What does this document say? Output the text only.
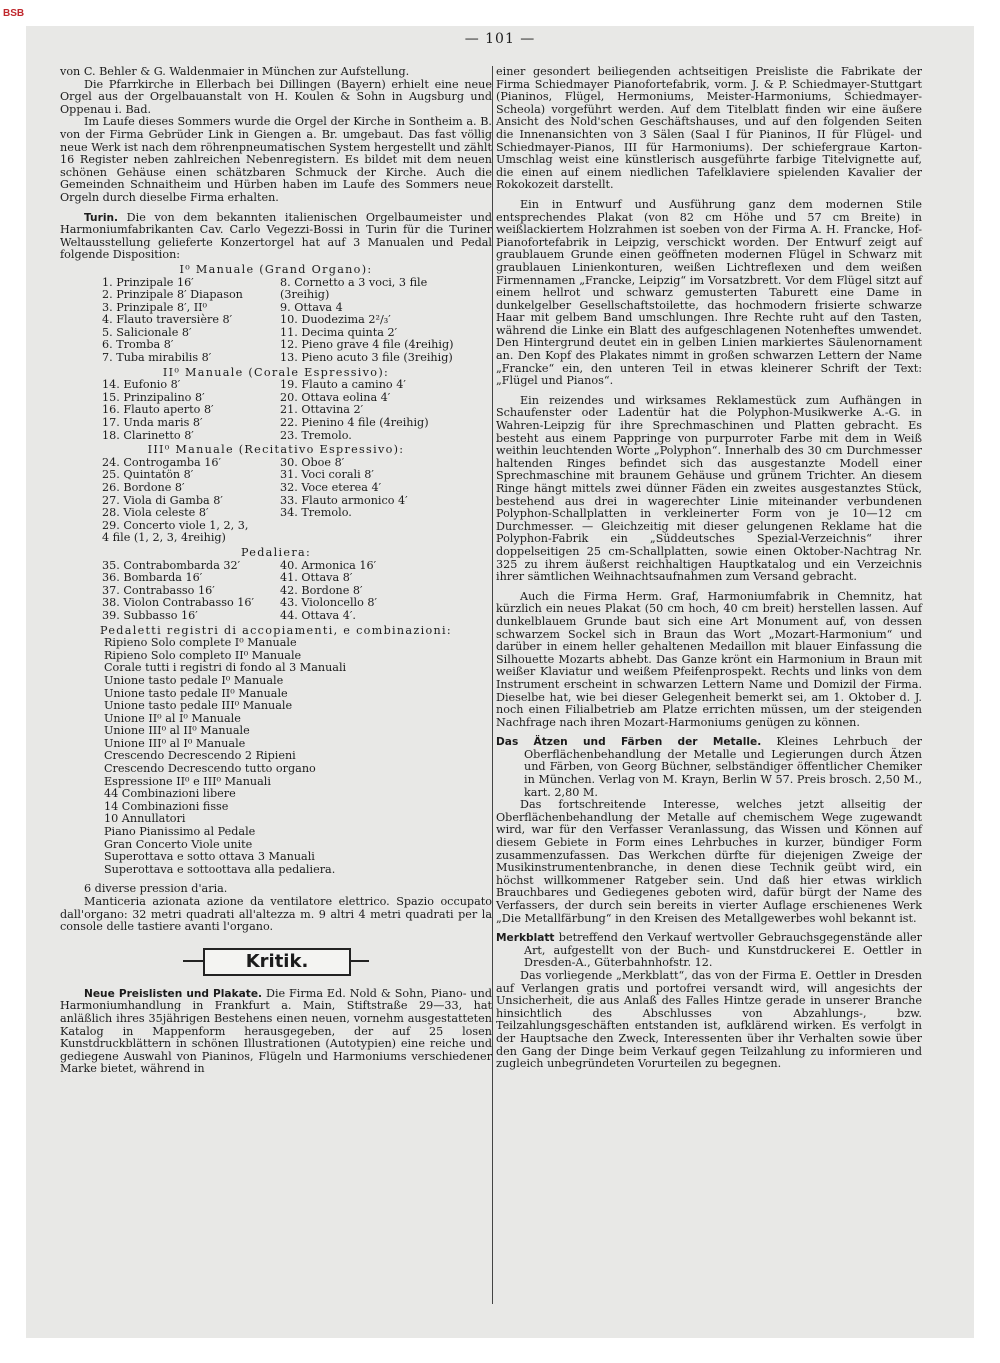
BSB
— 101 —

von C. Behler & G. Waldenmaier in München zur Aufstellung.

Die Pfarrkirche in Ellerbach bei Dillingen (Bayern) erhielt eine neue Orgel aus der Orgelbauanstalt von H. Koulen & Sohn in Augsburg und Oppenau i. Bad.

Im Laufe dieses Sommers wurde die Orgel der Kirche in Sontheim a. B. von der Firma Gebrüder Link in Giengen a. Br. umgebaut. Das fast völlig neue Werk ist nach dem röhrenpneumatischen System hergestellt und zählt 16 Register neben zahlreichen Nebenregistern. Es bildet mit dem neuen schönen Gehäuse einen schätzbaren Schmuck der Kirche. Auch die Gemeinden Schnaitheim und Hürben haben im Laufe des Sommers neue Orgeln durch dieselbe Firma erhalten.

Turin. Die von dem bekannten italienischen Orgelbaumeister und Harmoniumfabrikanten Cav. Carlo Vegezzi-Bossi in Turin für die Turiner Weltausstellung gelieferte Konzertorgel hat auf 3 Manualen und Pedal folgende Disposition:

I⁰ Manuale (Grand Organo):
1. Prinzipale 16′	8. Cornetto a 3 voci, 3 file
2. Prinzipale 8′ Diapason	(3reihig)
3. Prinzipale 8′, II⁰	9. Ottava 4
4. Flauto traversière 8′	10. Duodezima 2²/₃′
5. Salicionale 8′	11. Decima quinta 2′
6. Tromba 8′	12. Pieno grave 4 file (4reihig)
7. Tuba mirabilis 8′	13. Pieno acuto 3 file (3reihig)
II⁰ Manuale (Corale Espressivo):
14. Eufonio 8′	19. Flauto a camino 4′
15. Prinzipalino 8′	20. Ottava eolina 4′
16. Flauto aperto 8′	21. Ottavina 2′
17. Unda maris 8′	22. Pienino 4 file (4reihig)
18. Clarinetto 8′	23. Tremolo.
III⁰ Manuale (Recitativo Espressivo):
24. Controgamba 16′	30. Oboe 8′
25. Quintatön 8′	31. Voci corali 8′
26. Bordone 8′	32. Voce eterea 4′
27. Viola di Gamba 8′	33. Flauto armonico 4′
28. Viola celeste 8′	34. Tremolo.
29. Concerto viole 1, 2, 3,

4 file (1, 2, 3, 4reihig)

Pedaliera:
35. Contrabombarda 32′	40. Armonica 16′
36. Bombarda 16′	41. Ottava 8′
37. Contrabasso 16′	42. Bordone 8′
38. Violon Contrabasso 16′	43. Violoncello 8′
39. Subbasso 16′	44. Ottava 4′.
Pedaletti registri di accopiamenti, e combinazioni:
Ripieno Solo complete I⁰ Manuale
Ripieno Solo completo II⁰ Manuale
Corale tutti i registri di fondo al 3 Manuali
Unione tasto pedale I⁰ Manuale
Unione tasto pedale II⁰ Manuale
Unione tasto pedale III⁰ Manuale
Unione II⁰ al I⁰ Manuale
Unione III⁰ al II⁰ Manuale
Unione III⁰ al I⁰ Manuale
Crescendo Decrescendo 2 Ripieni
Crescendo Decrescendo tutto organo
Espressione II⁰ e III⁰ Manuali
44 Combinazioni libere
14 Combinazioni fisse
10 Annullatori
Piano Pianissimo al Pedale
Gran Concerto Viole unite
Superottava e sotto ottava 3 Manuali
Superottava e sottoottava alla pedaliera.

6 diverse pression d'aria.

Manticeria azionata azione da ventilatore elettrico. Spazio occupato dall'organo: 32 metri quadrati all'altezza m. 9 altri 4 metri quadrati per la console delle tastiere avanti l'organo.

Kritik.

Neue Preislisten und Plakate. Die Firma Ed. Nold & Sohn, Piano- und Harmoniumhandlung in Frankfurt a. Main, Stiftstraße 29—33, hat anläßlich ihres 35jährigen Bestehens einen neuen, vornehm ausgestatteten Katalog in Mappenform herausgegeben, der auf 25 losen Kunstdruckblättern in schönen Illustrationen (Autotypien) eine reiche und gediegene Auswahl von Pianinos, Flügeln und Harmoniums verschiedener Marke bietet, während in

einer gesondert beiliegenden achtseitigen Preisliste die Fabrikate der Firma Schiedmayer Pianofortefabrik, vorm. J. & P. Schiedmayer-Stuttgart (Pianinos, Flügel, Hermoniums, Meister-Harmoniums, Schiedmayer-Scheola) vorgeführt werden. Auf dem Titelblatt finden wir eine äußere Ansicht des Nold'schen Geschäftshauses, und auf den folgenden Seiten die Innenansichten von 3 Sälen (Saal I für Pianinos, II für Flügel- und Schiedmayer-Pianos, III für Harmoniums). Der schiefergraue Karton-Umschlag weist eine künstlerisch ausgeführte farbige Titelvignette auf, die einen auf einem niedlichen Tafelklaviere spielenden Kavalier der Rokokozeit darstellt.

Ein in Entwurf und Ausführung ganz dem modernen Stile entsprechendes Plakat (von 82 cm Höhe und 57 cm Breite) in weißlackiertem Holzrahmen ist soeben von der Firma A. H. Francke, Hof-Pianofortefabrik in Leipzig, verschickt worden. Der Entwurf zeigt auf graublauem Grunde einen geöffneten modernen Flügel in Schwarz mit graublauen Linienkonturen, weißen Lichtreflexen und dem weißen Firmennamen „Francke, Leipzig“ im Vorsatzbrett. Vor dem Flügel sitzt auf einem hellrot und schwarz gemusterten Taburett eine Dame in dunkelgelber Gesellschaftstoilette, das hochmodern frisierte schwarze Haar mit gelbem Band umschlungen. Ihre Rechte ruht auf den Tasten, während die Linke ein Blatt des aufgeschlagenen Notenheftes umwendet. Den Hintergrund deutet ein in gelben Linien markiertes Säulenornament an. Den Kopf des Plakates nimmt in großen schwarzen Lettern der Name „Francke“ ein, den unteren Teil in etwas kleinerer Schrift der Text: „Flügel und Pianos“.

Ein reizendes und wirksames Reklamestück zum Aufhängen in Schaufenster oder Ladentür hat die Polyphon-Musikwerke A.-G. in Wahren-Leipzig für ihre Sprechmaschinen und Platten gebracht. Es besteht aus einem Pappringe von purpurroter Farbe mit dem in Weiß weithin leuchtenden Worte „Polyphon“. Innerhalb des 30 cm Durchmesser haltenden Ringes befindet sich das ausgestanzte Modell einer Sprechmaschine mit braunem Gehäuse und grünem Trichter. An diesem Ringe hängt mittels zwei dünner Fäden ein zweites ausgestanztes Stück, bestehend aus drei in wagerechter Linie miteinander verbundenen Polyphon-Schallplatten in verkleinerter Form von je 10—12 cm Durchmesser. — Gleichzeitig mit dieser gelungenen Reklame hat die Polyphon-Fabrik ein „Süddeutsches Spezial-Verzeichnis“ ihrer doppelseitigen 25 cm-Schallplatten, sowie einen Oktober-Nachtrag Nr. 325 zu ihrem äußerst reichhaltigen Hauptkatalog und ein Verzeichnis ihrer sämtlichen Weihnachtsaufnahmen zum Versand gebracht.

Auch die Firma Herm. Graf, Harmoniumfabrik in Chemnitz, hat kürzlich ein neues Plakat (50 cm hoch, 40 cm breit) herstellen lassen. Auf dunkelblauem Grunde baut sich eine Art Monument auf, von dessen schwarzem Sockel sich in Braun das Wort „Mozart-Harmonium“ und darüber in einem heller gehaltenen Medaillon mit blauer Einfassung die Silhouette Mozarts abhebt. Das Ganze krönt ein Harmonium in Braun mit weißer Klaviatur und weißem Pfeifenprospekt. Rechts und links von dem Instrument erscheint in schwarzen Lettern Name und Domizil der Firma. Dieselbe hat, wie bei dieser Gelegenheit bemerkt sei, am 1. Oktober d. J. noch einen Filialbetrieb am Platze errichten müssen, um der steigenden Nachfrage nach ihren Mozart-Harmoniums genügen zu können.

Das Ätzen und Färben der Metalle. Kleines Lehrbuch der Oberflächenbehandlung der Metalle und Legierungen durch Ätzen und Färben, von Georg Büchner, selbständiger öffentlicher Chemiker in München. Verlag von M. Krayn, Berlin W 57. Preis brosch. 2,50 M., kart. 2,80 M.

Das fortschreitende Interesse, welches jetzt allseitig der Oberflächenbehandlung der Metalle auf chemischem Wege zugewandt wird, war für den Verfasser Veranlassung, das Wissen und Können auf diesem Gebiete in Form eines Lehrbuches in kurzer, bündiger Form zusammenzufassen. Das Werkchen dürfte für diejenigen Zweige der Musikinstrumentenbranche, in denen diese Technik geübt wird, ein höchst willkommener Ratgeber sein. Und daß hier etwas wirklich Brauchbares und Gediegenes geboten wird, dafür bürgt der Name des Verfassers, der durch sein bereits in vierter Auflage erschienenes Werk „Die Metallfärbung“ in den Kreisen des Metallgewerbes wohl bekannt ist.

Merkblatt betreffend den Verkauf wertvoller Gebrauchsgegenstände aller Art, aufgestellt von der Buch- und Kunstdruckerei E. Oettler in Dresden-A., Güterbahnhofstr. 12.

Das vorliegende „Merkblatt“, das von der Firma E. Oettler in Dresden auf Verlangen gratis und portofrei versandt wird, will angesichts der Unsicherheit, die aus Anlaß des Falles Hintze gerade in unserer Branche hinsichtlich des Abschlusses von Abzahlungs-, bzw. Teilzahlungsgeschäften entstanden ist, aufklärend wirken. Es verfolgt in der Hauptsache den Zweck, Interessenten über ihr Verhalten sowie über den Gang der Dinge beim Verkauf gegen Teilzahlung zu informieren und zugleich unbegründeten Vorurteilen zu begegnen.
